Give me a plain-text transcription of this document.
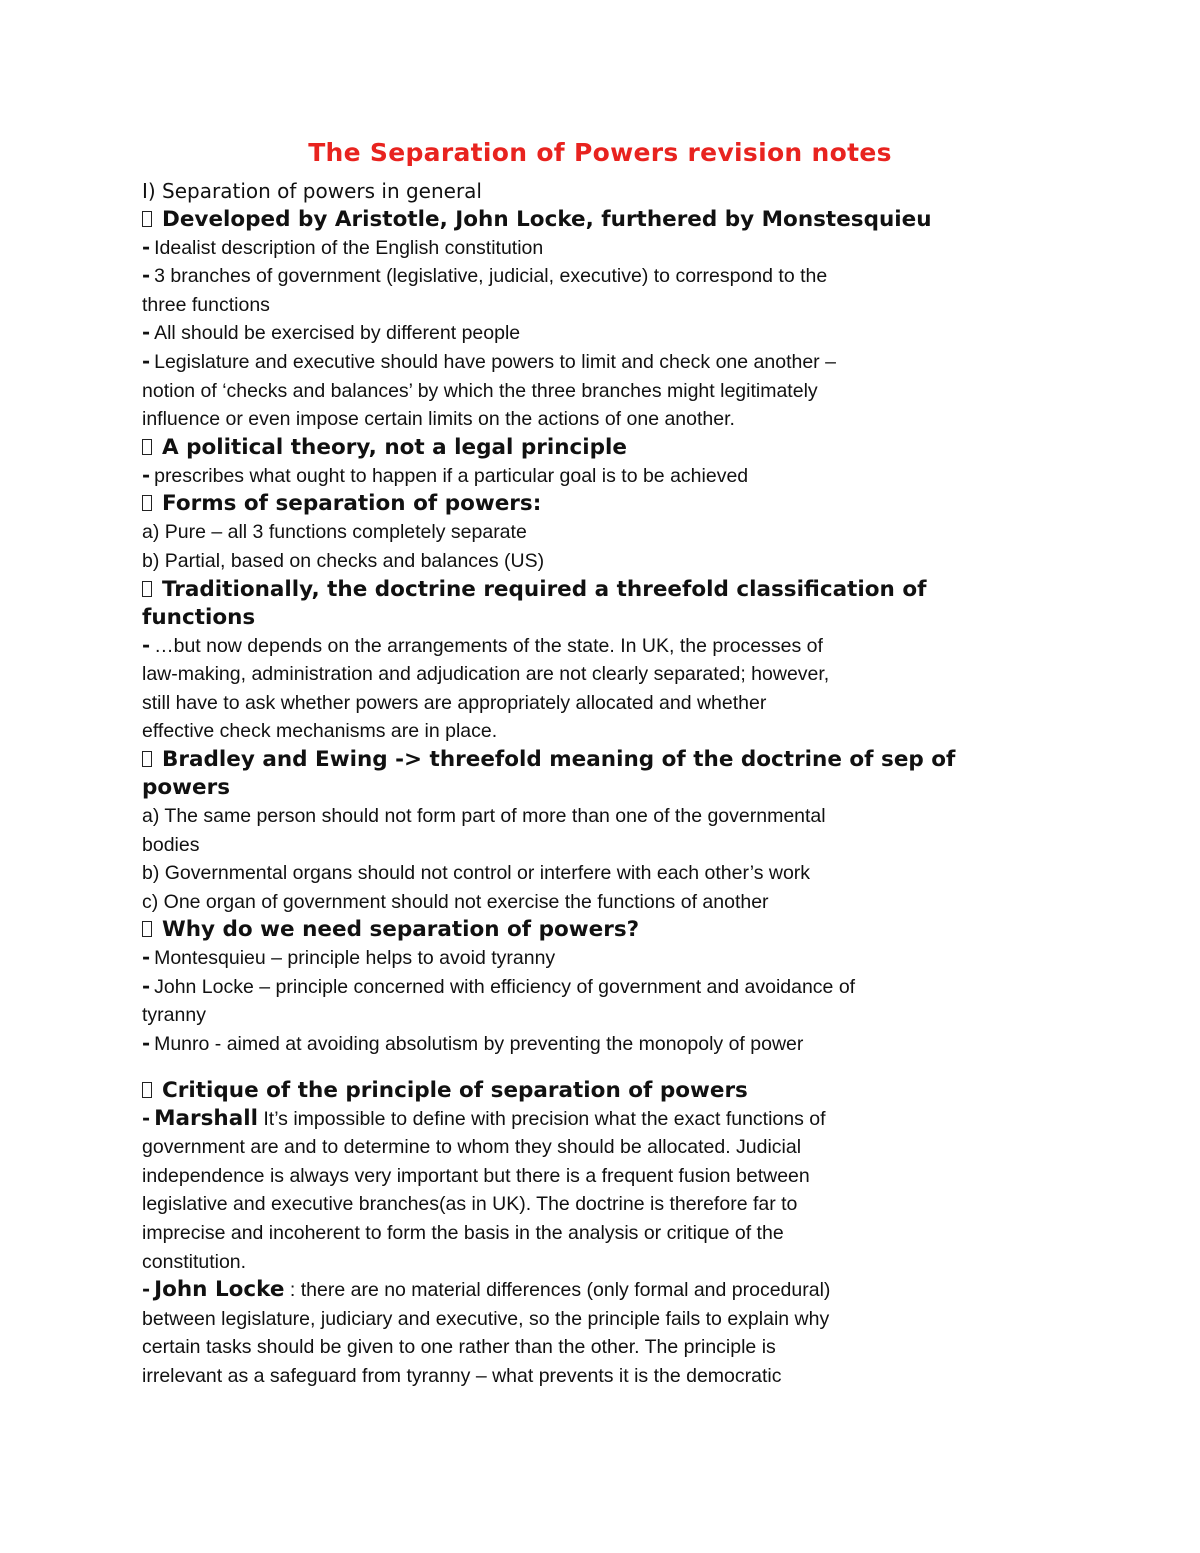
The Separation of Powers revision notes
I) Separation of powers in general
Developed by Aristotle, John Locke, furthered by Monstesquieu
- Idealist description of the English constitution
- 3 branches of government (legislative, judicial, executive) to correspond to the
three functions
- All should be exercised by different people
- Legislature and executive should have powers to limit and check one another –
notion of ‘checks and balances’ by which the three branches might legitimately
influence or even impose certain limits on the actions of one another.
A political theory, not a legal principle
- prescribes what ought to happen if a particular goal is to be achieved
Forms of separation of powers:
a) Pure – all 3 functions completely separate
b) Partial, based on checks and balances (US)
Traditionally, the doctrine required a threefold classification of
functions
- …but now depends on the arrangements of the state. In UK, the processes of
law-making, administration and adjudication are not clearly separated; however,
still have to ask whether powers are appropriately allocated and whether
effective check mechanisms are in place.
Bradley and Ewing -> threefold meaning of the doctrine of sep of
powers
a) The same person should not form part of more than one of the governmental
bodies
b) Governmental organs should not control or interfere with each other’s work
c) One organ of government should not exercise the functions of another
Why do we need separation of powers?
- Montesquieu – principle helps to avoid tyranny
- John Locke – principle concerned with efficiency of government and avoidance of
tyranny
- Munro - aimed at avoiding absolutism by preventing the monopoly of power
Critique of the principle of separation of powers
- Marshall It’s impossible to define with precision what the exact functions of
government are and to determine to whom they should be allocated. Judicial
independence is always very important but there is a frequent fusion between
legislative and executive branches(as in UK). The doctrine is therefore far to
imprecise and incoherent to form the basis in the analysis or critique of the
constitution.
- John Locke : there are no material differences (only formal and procedural)
between legislature, judiciary and executive, so the principle fails to explain why
certain tasks should be given to one rather than the other. The principle is
irrelevant as a safeguard from tyranny – what prevents it is the democratic
